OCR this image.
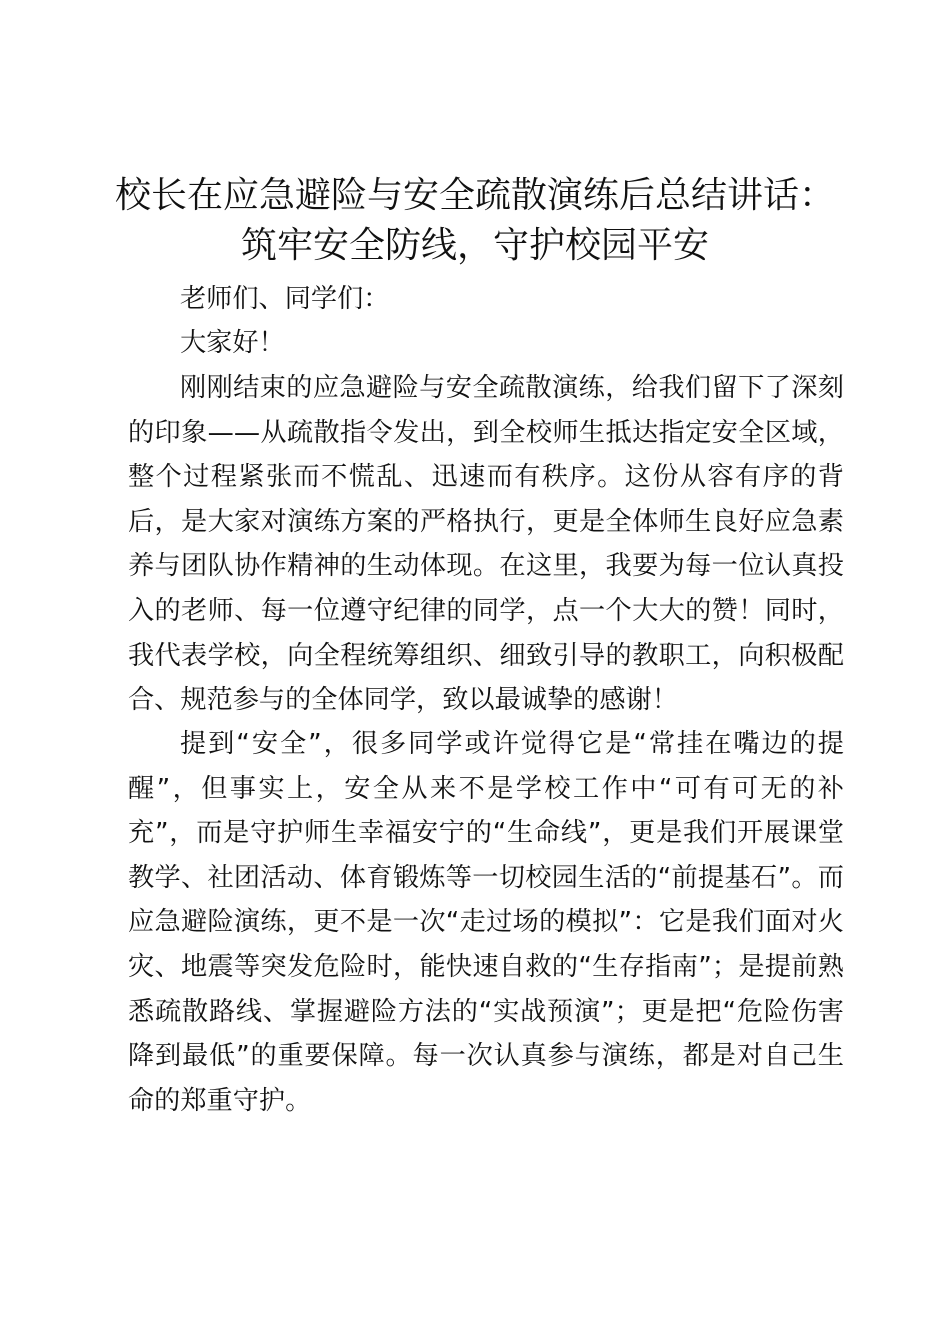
校长在应急避险与安全疏散演练后总结讲话：
筑牢安全防线，守护校园平安
老师们、同学们：
大家好！

刚刚结束的应急避险与安全疏散演练，给我们留下了深刻的印象——从疏散指令发出，到全校师生抵达指定安全区域，整个过程紧张而不慌乱、迅速而有秩序。这份从容有序的背后，是大家对演练方案的严格执行，更是全体师生良好应急素养与团队协作精神的生动体现。在这里，我要为每一位认真投入的老师、每一位遵守纪律的同学，点一个大大的赞！同时，我代表学校，向全程统筹组织、细致引导的教职工，向积极配合、规范参与的全体同学，致以最诚挚的感谢！

提到“安全”，很多同学或许觉得它是“常挂在嘴边的提醒”，但事实上，安全从来不是学校工作中“可有可无的补充”，而是守护师生幸福安宁的“生命线”，更是我们开展课堂教学、社团活动、体育锻炼等一切校园生活的“前提基石”。而应急避险演练，更不是一次“走过场的模拟”：它是我们面对火灾、地震等突发危险时，能快速自救的“生存指南”；是提前熟悉疏散路线、掌握避险方法的“实战预演”；更是把“危险伤害降到最低”的重要保障。每一次认真参与演练，都是对自己生命的郑重守护。
